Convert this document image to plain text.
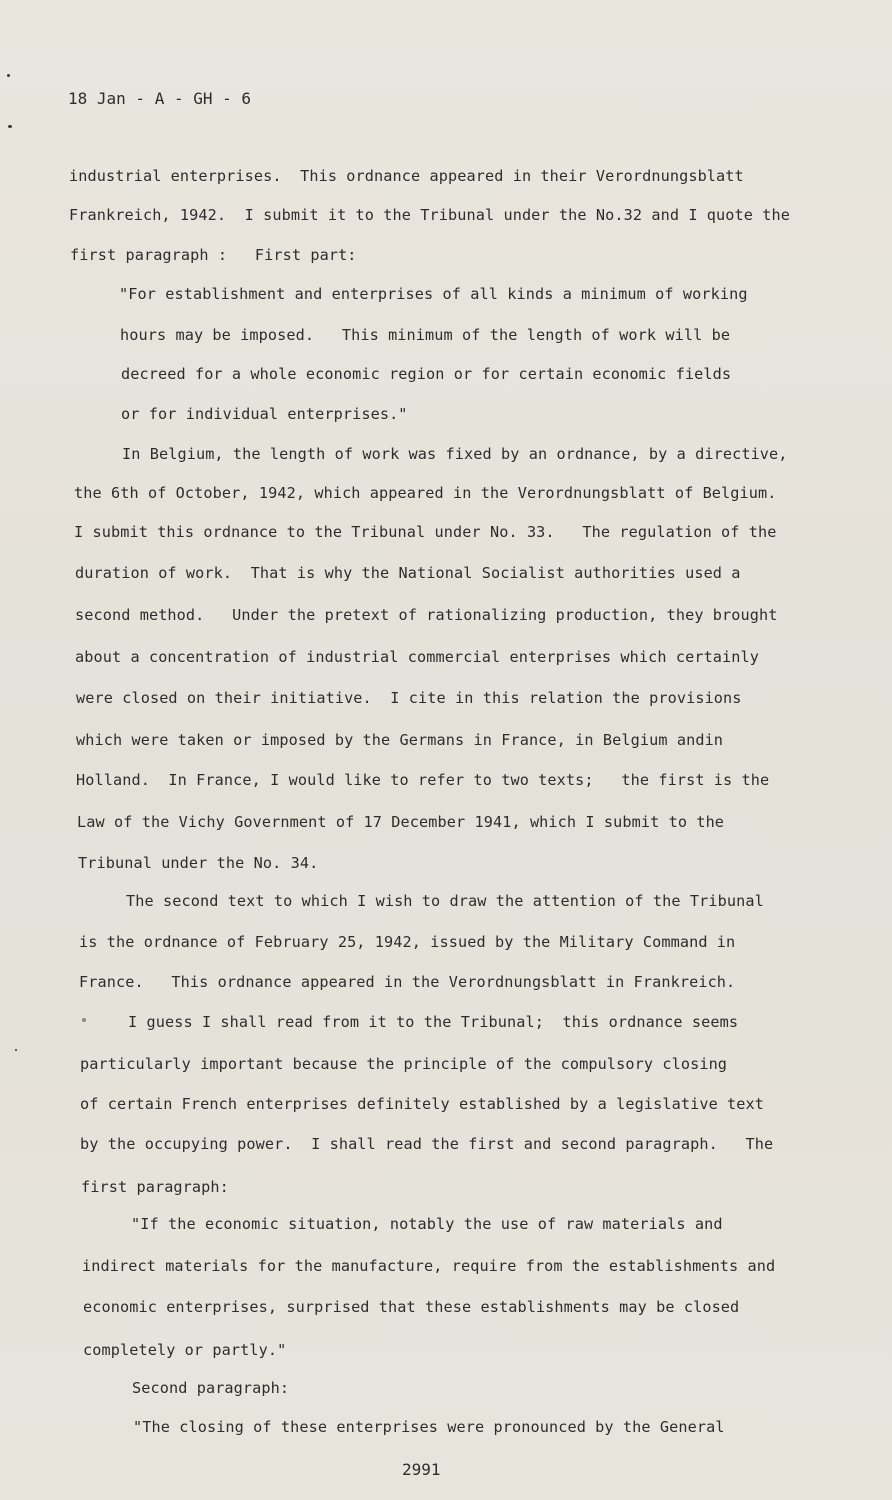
18 Jan - A - GH - 6
industrial enterprises.  This ordnance appeared in their Verordnungsblatt
Frankreich, 1942.  I submit it to the Tribunal under the No.32 and I quote the
first paragraph :   First part:
"For establishment and enterprises of all kinds a minimum of working
hours may be imposed.   This minimum of the length of work will be
decreed for a whole economic region or for certain economic fields
or for individual enterprises."
In Belgium, the length of work was fixed by an ordnance, by a directive,
the 6th of October, 1942, which appeared in the Verordnungsblatt of Belgium.
I submit this ordnance to the Tribunal under No. 33.   The regulation of the
duration of work.  That is why the National Socialist authorities used a
second method.   Under the pretext of rationalizing production, they brought
about a concentration of industrial commercial enterprises which certainly
were closed on their initiative.  I cite in this relation the provisions
which were taken or imposed by the Germans in France, in Belgium andin
Holland.  In France, I would like to refer to two texts;   the first is the
Law of the Vichy Government of 17 December 1941, which I submit to the
Tribunal under the No. 34.
The second text to which I wish to draw the attention of the Tribunal
is the ordnance of February 25, 1942, issued by the Military Command in
France.   This ordnance appeared in the Verordnungsblatt in Frankreich.
I guess I shall read from it to the Tribunal;  this ordnance seems
particularly important because the principle of the compulsory closing
of certain French enterprises definitely established by a legislative text
by the occupying power.  I shall read the first and second paragraph.   The
first paragraph:
"If the economic situation, notably the use of raw materials and
indirect materials for the manufacture, require from the establishments and
economic enterprises, surprised that these establishments may be closed
completely or partly."
Second paragraph:
"The closing of these enterprises were pronounced by the General
2991
